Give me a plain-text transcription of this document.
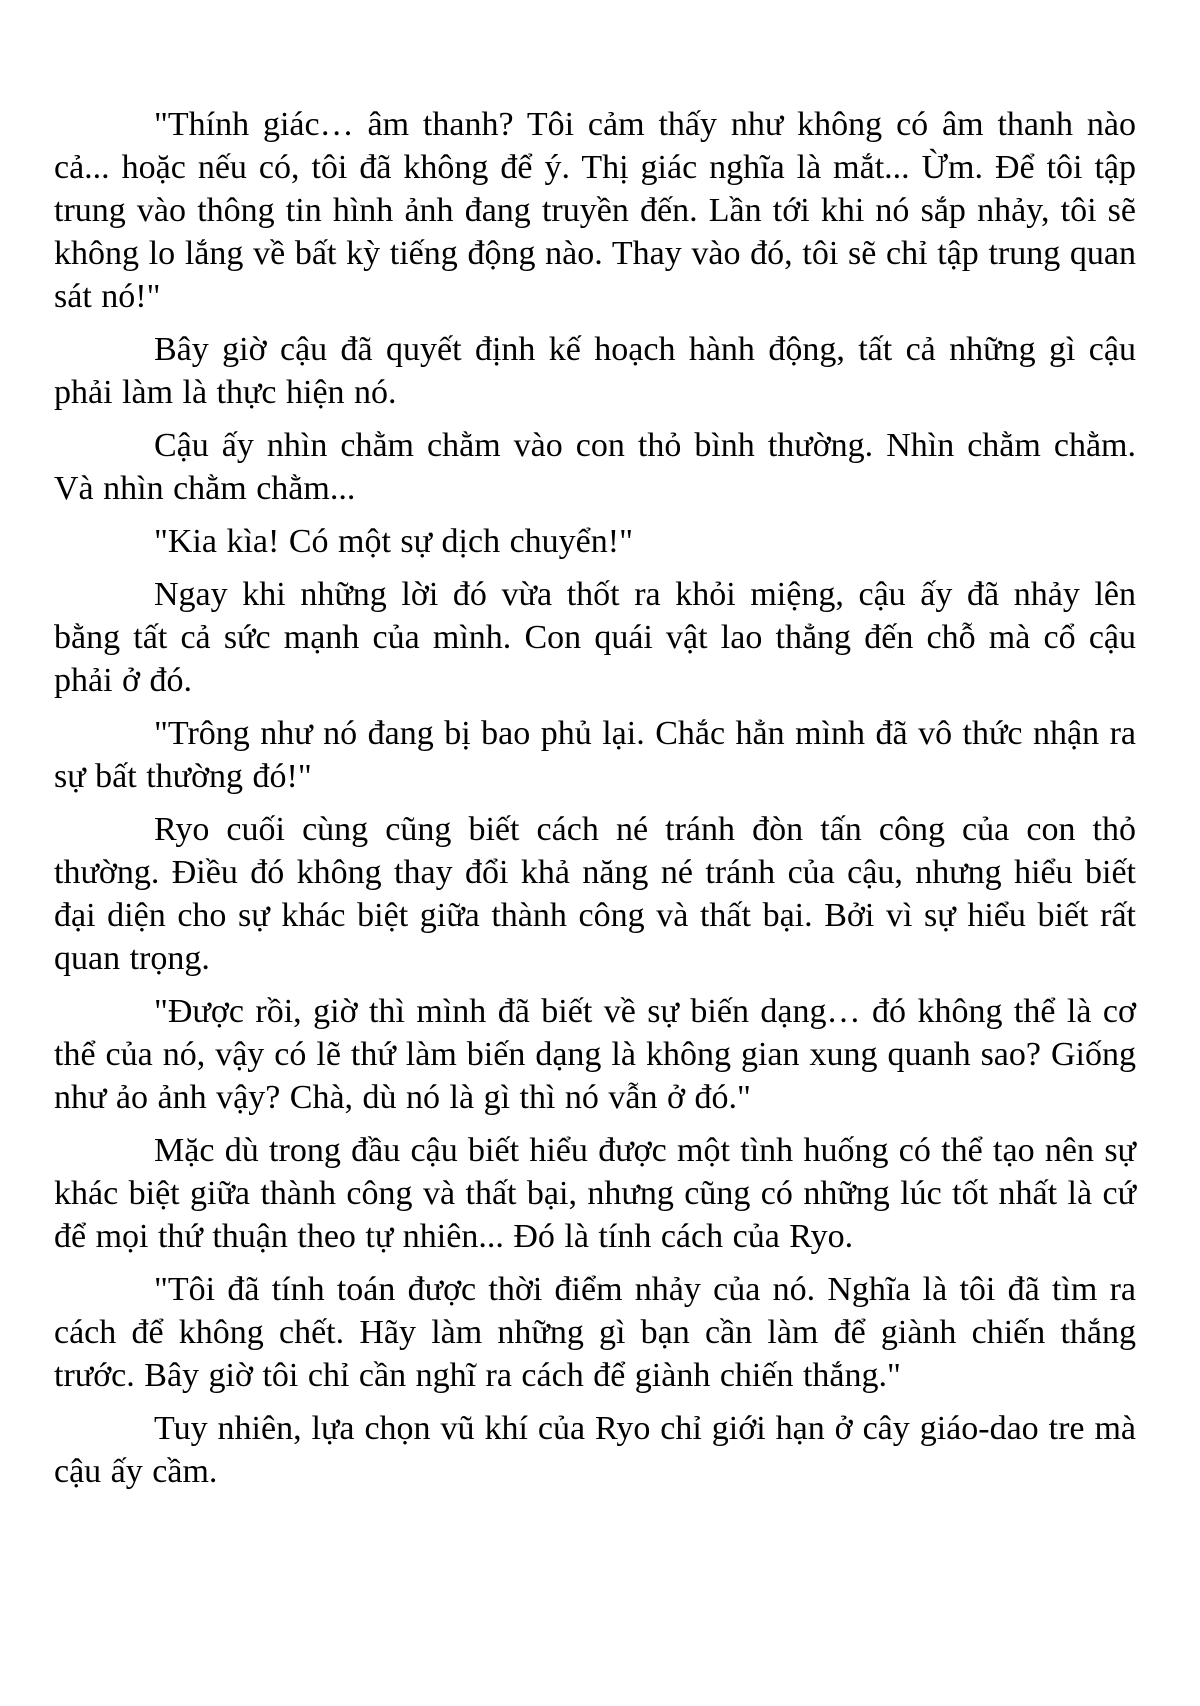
"Thính giác… âm thanh? Tôi cảm thấy như không có âm thanh nào cả... hoặc nếu có, tôi đã không để ý. Thị giác nghĩa là mắt... Ừm. Để tôi tập trung vào thông tin hình ảnh đang truyền đến. Lần tới khi nó sắp nhảy, tôi sẽ không lo lắng về bất kỳ tiếng động nào. Thay vào đó, tôi sẽ chỉ tập trung quan sát nó!"

Bây giờ cậu đã quyết định kế hoạch hành động, tất cả những gì cậu phải làm là thực hiện nó.

Cậu ấy nhìn chằm chằm vào con thỏ bình thường. Nhìn chằm chằm. Và nhìn chằm chằm...

"Kia kìa! Có một sự dịch chuyển!"

Ngay khi những lời đó vừa thốt ra khỏi miệng, cậu ấy đã nhảy lên bằng tất cả sức mạnh của mình. Con quái vật lao thẳng đến chỗ mà cổ cậu phải ở đó.

"Trông như nó đang bị bao phủ lại. Chắc hẳn mình đã vô thức nhận ra sự bất thường đó!"

Ryo cuối cùng cũng biết cách né tránh đòn tấn công của con thỏ thường. Điều đó không thay đổi khả năng né tránh của cậu, nhưng hiểu biết đại diện cho sự khác biệt giữa thành công và thất bại. Bởi vì sự hiểu biết rất quan trọng.

"Được rồi, giờ thì mình đã biết về sự biến dạng… đó không thể là cơ thể của nó, vậy có lẽ thứ làm biến dạng là không gian xung quanh sao? Giống như ảo ảnh vậy? Chà, dù nó là gì thì nó vẫn ở đó."

Mặc dù trong đầu cậu biết hiểu được một tình huống có thể tạo nên sự khác biệt giữa thành công và thất bại, nhưng cũng có những lúc tốt nhất là cứ để mọi thứ thuận theo tự nhiên... Đó là tính cách của Ryo.

"Tôi đã tính toán được thời điểm nhảy của nó. Nghĩa là tôi đã tìm ra cách để không chết. Hãy làm những gì bạn cần làm để giành chiến thắng trước. Bây giờ tôi chỉ cần nghĩ ra cách để giành chiến thắng."

Tuy nhiên, lựa chọn vũ khí của Ryo chỉ giới hạn ở cây giáo-dao tre mà cậu ấy cầm.
